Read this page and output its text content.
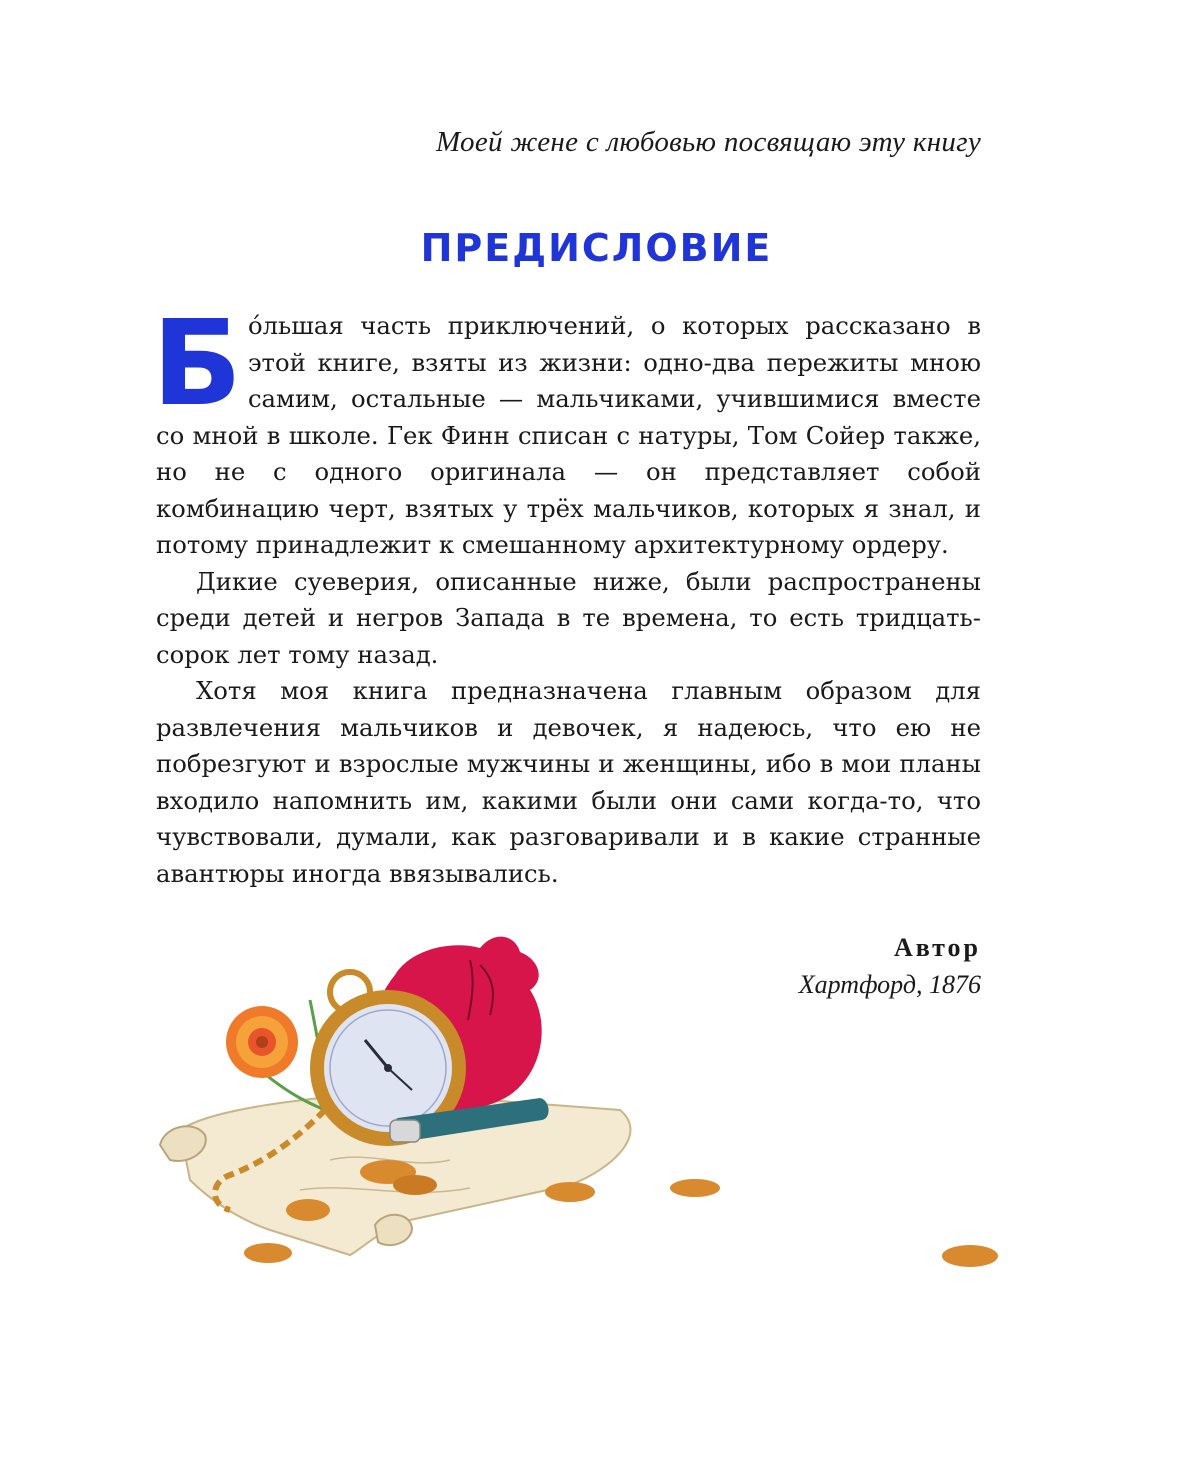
Моей жене с любовью посвящаю эту книгу
ПРЕДИСЛОВИЕ

Б о́льшая часть приключений, о которых рассказано в этой книге, взяты из жизни: одно-два пережиты мною самим, остальные — мальчиками, учившимися вместе со мной в школе. Гек Финн списан с натуры, Том Сойер также, но не с одного оригинала — он представляет собой комбинацию черт, взятых у трёх мальчиков, которых я знал, и потому принадлежит к смешанному архитектурному ордеру.

Дикие суеверия, описанные ниже, были распространены среди детей и негров Запада в те времена, то есть тридцать-сорок лет тому назад.

Хотя моя книга предназначена главным образом для развлечения мальчиков и девочек, я надеюсь, что ею не побрезгуют и взрослые мужчины и женщины, ибо в мои планы входило напомнить им, какими были они сами когда-то, что чувствовали, думали, как разговаривали и в какие странные авантюры иногда ввязывались.

Автор
Хартфорд, 1876
